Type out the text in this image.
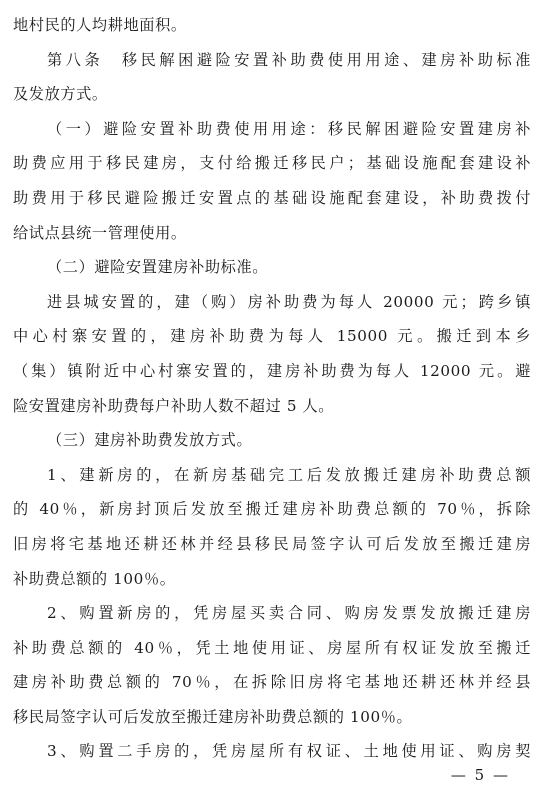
地村民的人均耕地面积。
第八条　移民解困避险安置补助费使用用途、建房补助标准
及发放方式。
（一）避险安置补助费使用用途：移民解困避险安置建房补
助费应用于移民建房，支付给搬迁移民户；基础设施配套建设补
助费用于移民避险搬迁安置点的基础设施配套建设，补助费拨付
给试点县统一管理使用。
（二）避险安置建房补助标准。
进县城安置的，建（购）房补助费为每人 20000 元；跨乡镇
中心村寨安置的，建房补助费为每人 15000 元。搬迁到本乡
（集）镇附近中心村寨安置的，建房补助费为每人 12000 元。避
险安置建房补助费每户补助人数不超过 5 人。
（三）建房补助费发放方式。
1、建新房的，在新房基础完工后发放搬迁建房补助费总额
的 40％，新房封顶后发放至搬迁建房补助费总额的 70％，拆除
旧房将宅基地还耕还林并经县移民局签字认可后发放至搬迁建房
补助费总额的 100％。
2、购置新房的，凭房屋买卖合同、购房发票发放搬迁建房
补助费总额的 40％，凭土地使用证、房屋所有权证发放至搬迁
建房补助费总额的 70％，在拆除旧房将宅基地还耕还林并经县
移民局签字认可后发放至搬迁建房补助费总额的 100％。
3、购置二手房的，凭房屋所有权证、土地使用证、购房契
— 5 —
